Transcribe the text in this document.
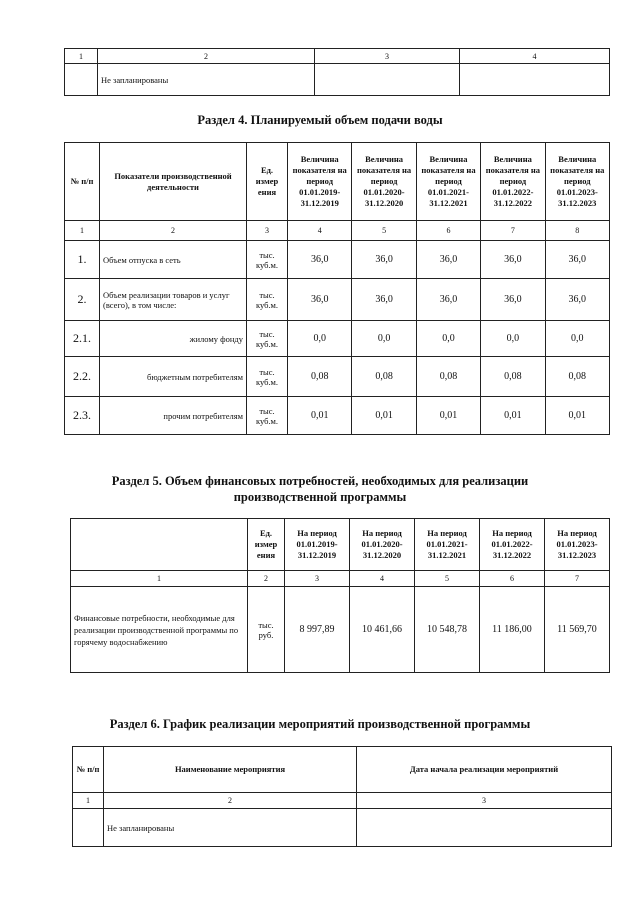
1	2	3	4
	Не запланированы		
Раздел 4. Планируемый объем подачи воды
№ п/п	Показатели производственной деятельности	Ед. измер ения	Величина показателя на период 01.01.2019-31.12.2019	Величина показателя на период 01.01.2020-31.12.2020	Величина показателя на период 01.01.2021-31.12.2021	Величина показателя на период 01.01.2022-31.12.2022	Величина показателя на период 01.01.2023-31.12.2023
1	2	3	4	5	6	7	8
1.	Объем отпуска в сеть	тыс. куб.м.	36,0	36,0	36,0	36,0	36,0
2.	Объем реализации товаров и услуг (всего), в том числе:	тыс. куб.м.	36,0	36,0	36,0	36,0	36,0
2.1.	жилому фонду	тыс. куб.м.	0,0	0,0	0,0	0,0	0,0
2.2.	бюджетным потребителям	тыс. куб.м.	0,08	0,08	0,08	0,08	0,08
2.3.	прочим потребителям	тыс. куб.м.	0,01	0,01	0,01	0,01	0,01
Раздел 5. Объем финансовых потребностей, необходимых для реализации
производственной программы
	Ед. измер ения	На период 01.01.2019-31.12.2019	На период 01.01.2020-31.12.2020	На период 01.01.2021-31.12.2021	На период 01.01.2022-31.12.2022	На период 01.01.2023-31.12.2023
1	2	3	4	5	6	7
Финансовые потребности, необходимые для реализации производственной программы по горячему водоснабжению	тыс. руб.	8 997,89	10 461,66	10 548,78	11 186,00	11 569,70
Раздел 6. График реализации мероприятий производственной программы
№ п/п	Наименование мероприятия	Дата начала реализации мероприятий
1	2	3
	Не запланированы	
